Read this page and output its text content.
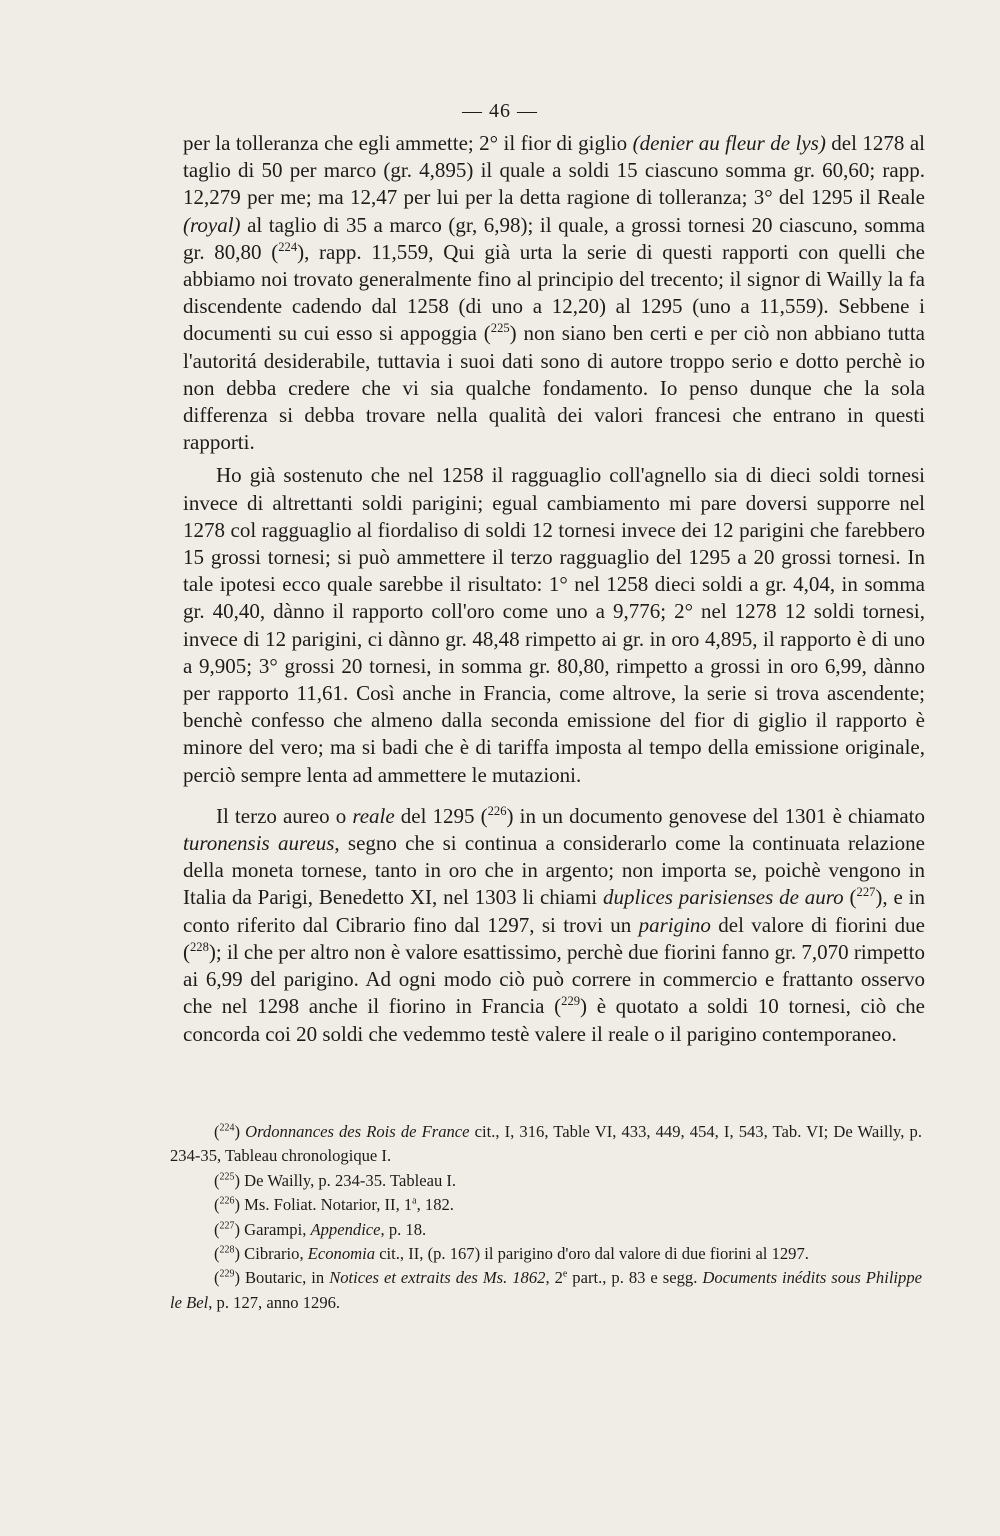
— 46 —

per la tolleranza che egli ammette; 2° il fior di giglio (denier au fleur de lys) del 1278 al taglio di 50 per marco (gr. 4,895) il quale a soldi 15 ciascuno somma gr. 60,60; rapp. 12,279 per me; ma 12,47 per lui per la detta ragione di tolleranza; 3° del 1295 il Reale (royal) al taglio di 35 a marco (gr, 6,98); il quale, a grossi tornesi 20 ciascuno, somma gr. 80,80 ($^{224}$), rapp. 11,559, Qui già urta la serie di questi rapporti con quelli che abbiamo noi trovato generalmente fino al principio del trecento; il signor di Wailly la fa discendente cadendo dal 1258 (di uno a 12,20) al 1295 (uno a 11,559). Sebbene i documenti su cui esso si appoggia ($^{225}$) non siano ben certi e per ciò non abbiano tutta l'autoritá desiderabile, tuttavia i suoi dati sono di autore troppo serio e dotto perchè io non debba credere che vi sia qualche fondamento. Io penso dunque che la sola differenza si debba trovare nella qualità dei valori francesi che entrano in questi rapporti.

Ho già sostenuto che nel 1258 il ragguaglio coll'agnello sia di dieci soldi tornesi invece di altrettanti soldi parigini; egual cambiamento mi pare doversi supporre nel 1278 col ragguaglio al fiordaliso di soldi 12 tornesi invece dei 12 parigini che farebbero 15 grossi tornesi; si può ammettere il terzo ragguaglio del 1295 a 20 grossi tornesi. In tale ipotesi ecco quale sarebbe il risultato: 1° nel 1258 dieci soldi a gr. 4,04, in somma gr. 40,40, dànno il rapporto coll'oro come uno a 9,776; 2° nel 1278 12 soldi tornesi, invece di 12 parigini, ci dànno gr. 48,48 rimpetto ai gr. in oro 4,895, il rapporto è di uno a 9,905; 3° grossi 20 tornesi, in somma gr. 80,80, rimpetto a grossi in oro 6,99, dànno per rapporto 11,61. Così anche in Francia, come altrove, la serie si trova ascendente; benchè confesso che almeno dalla seconda emissione del fior di giglio il rapporto è minore del vero; ma si badi che è di tariffa imposta al tempo della emissione originale, perciò sempre lenta ad ammettere le mutazioni.

Il terzo aureo o reale del 1295 ($^{226}$) in un documento genovese del 1301 è chiamato turonensis aureus, segno che si continua a considerarlo come la continuata relazione della moneta tornese, tanto in oro che in argento; non importa se, poichè vengono in Italia da Parigi, Benedetto XI, nel 1303 li chiami duplices parisienses de auro ($^{227}$), e in conto riferito dal Cibrario fino dal 1297, si trovi un parigino del valore di fiorini due ($^{228}$); il che per altro non è valore esattissimo, perchè due fiorini fanno gr. 7,070 rimpetto ai 6,99 del parigino. Ad ogni modo ciò può correre in commercio e frattanto osservo che nel 1298 anche il fiorino in Francia ($^{229}$) è quotato a soldi 10 tornesi, ciò che concorda coi 20 soldi che vedemmo testè valere il reale o il parigino contemporaneo.

($^{224}$) Ordonnances des Rois de France cit., I, 316, Table VI, 433, 449, 454, I, 543, Tab. VI; De Wailly, p. 234-35, Tableau chronologique I.

($^{225}$) De Wailly, p. 234-35. Tableau I.

($^{226}$) Ms. Foliat. Notarior, II, 1$^a$, 182.

($^{227}$) Garampi, Appendice, p. 18.

($^{228}$) Cibrario, Economia cit., II, (p. 167) il parigino d'oro dal valore di due fiorini al 1297.

($^{229}$) Boutaric, in Notices et extraits des Ms. 1862, 2e part., p. 83 e segg. Documents inédits sous Philippe le Bel, p. 127, anno 1296.
